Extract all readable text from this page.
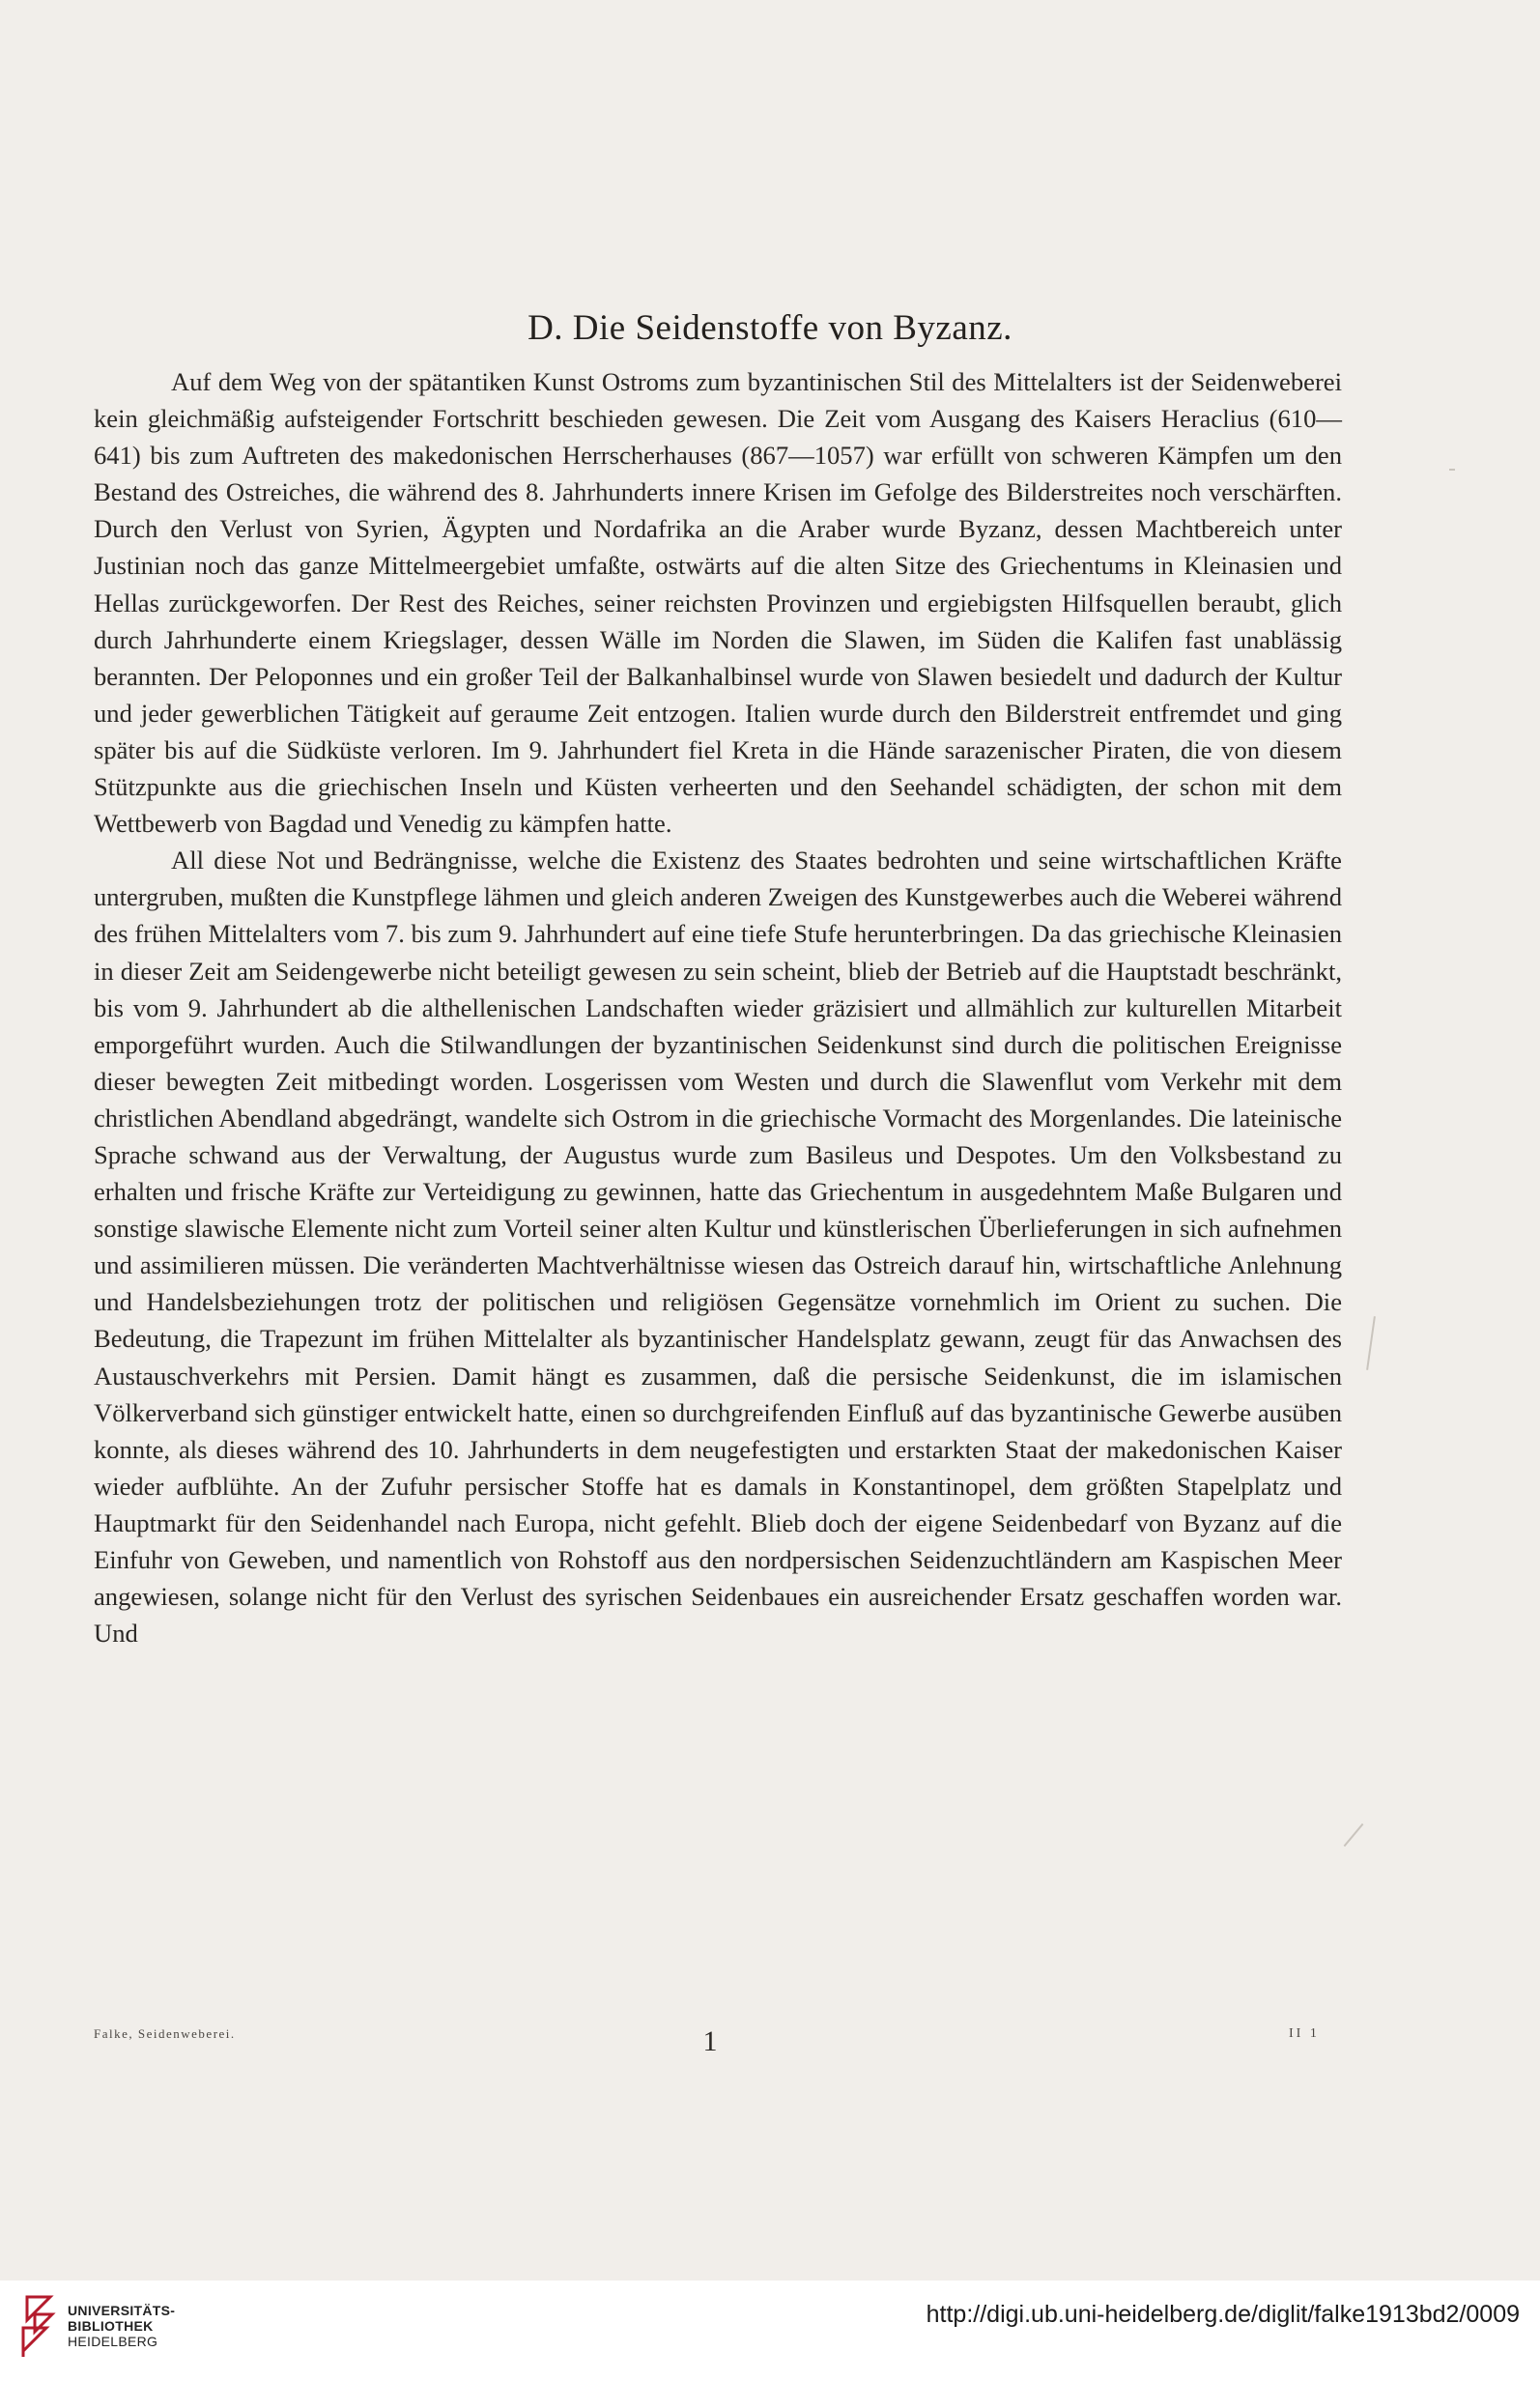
D. Die Seidenstoffe von Byzanz.

Auf dem Weg von der spätantiken Kunst Ostroms zum byzantinischen Stil des Mittelalters ist der Seidenweberei kein gleichmäßig aufsteigender Fortschritt beschieden gewesen. Die Zeit vom Ausgang des Kaisers Heraclius (610—641) bis zum Auftreten des makedonischen Herrscherhauses (867—1057) war erfüllt von schweren Kämpfen um den Bestand des Ostreiches, die während des 8. Jahrhunderts innere Krisen im Gefolge des Bilderstreites noch verschärften. Durch den Verlust von Syrien, Ägypten und Nordafrika an die Araber wurde Byzanz, dessen Machtbereich unter Justinian noch das ganze Mittelmeergebiet umfaßte, ostwärts auf die alten Sitze des Griechentums in Kleinasien und Hellas zurückgeworfen. Der Rest des Reiches, seiner reichsten Provinzen und ergiebigsten Hilfsquellen beraubt, glich durch Jahrhunderte einem Kriegslager, dessen Wälle im Norden die Slawen, im Süden die Kalifen fast unablässig berannten. Der Peloponnes und ein großer Teil der Balkanhalbinsel wurde von Slawen besiedelt und dadurch der Kultur und jeder gewerblichen Tätigkeit auf geraume Zeit entzogen. Italien wurde durch den Bilderstreit entfremdet und ging später bis auf die Südküste verloren. Im 9. Jahrhundert fiel Kreta in die Hände sarazenischer Piraten, die von diesem Stützpunkte aus die griechischen Inseln und Küsten verheerten und den Seehandel schädigten, der schon mit dem Wettbewerb von Bagdad und Venedig zu kämpfen hatte.

All diese Not und Bedrängnisse, welche die Existenz des Staates bedrohten und seine wirtschaftlichen Kräfte untergruben, mußten die Kunstpflege lähmen und gleich anderen Zweigen des Kunstgewerbes auch die Weberei während des frühen Mittelalters vom 7. bis zum 9. Jahrhundert auf eine tiefe Stufe herunterbringen. Da das griechische Kleinasien in dieser Zeit am Seidengewerbe nicht beteiligt gewesen zu sein scheint, blieb der Betrieb auf die Hauptstadt beschränkt, bis vom 9. Jahrhundert ab die althellenischen Landschaften wieder gräzisiert und allmählich zur kulturellen Mitarbeit emporgeführt wurden. Auch die Stilwandlungen der byzantinischen Seidenkunst sind durch die politischen Ereignisse dieser bewegten Zeit mitbedingt worden. Losgerissen vom Westen und durch die Slawenflut vom Verkehr mit dem christlichen Abendland abgedrängt, wandelte sich Ostrom in die griechische Vormacht des Morgenlandes. Die lateinische Sprache schwand aus der Verwaltung, der Augustus wurde zum Basileus und Despotes. Um den Volksbestand zu erhalten und frische Kräfte zur Verteidigung zu gewinnen, hatte das Griechentum in ausgedehntem Maße Bulgaren und sonstige slawische Elemente nicht zum Vorteil seiner alten Kultur und künstlerischen Überlieferungen in sich aufnehmen und assimilieren müssen. Die veränderten Machtverhältnisse wiesen das Ostreich darauf hin, wirtschaftliche Anlehnung und Handelsbeziehungen trotz der politischen und religiösen Gegensätze vornehmlich im Orient zu suchen. Die Bedeutung, die Trapezunt im frühen Mittelalter als byzantinischer Handelsplatz gewann, zeugt für das Anwachsen des Austauschverkehrs mit Persien. Damit hängt es zusammen, daß die persische Seidenkunst, die im islamischen Völkerverband sich günstiger entwickelt hatte, einen so durchgreifenden Einfluß auf das byzantinische Gewerbe ausüben konnte, als dieses während des 10. Jahrhunderts in dem neugefestigten und erstarkten Staat der makedonischen Kaiser wieder aufblühte. An der Zufuhr persischer Stoffe hat es damals in Konstantinopel, dem größten Stapelplatz und Hauptmarkt für den Seidenhandel nach Europa, nicht gefehlt. Blieb doch der eigene Seidenbedarf von Byzanz auf die Einfuhr von Geweben, und namentlich von Rohstoff aus den nordpersischen Seidenzuchtländern am Kaspischen Meer angewiesen, solange nicht für den Verlust des syrischen Seidenbaues ein ausreichender Ersatz geschaffen worden war. Und

Falke, Seidenweberei.	1	II 1
UNIVERSITÄTS-
BIBLIOTHEK
HEIDELBERG
http://digi.ub.uni-heidelberg.de/diglit/falke1913bd2/0009
